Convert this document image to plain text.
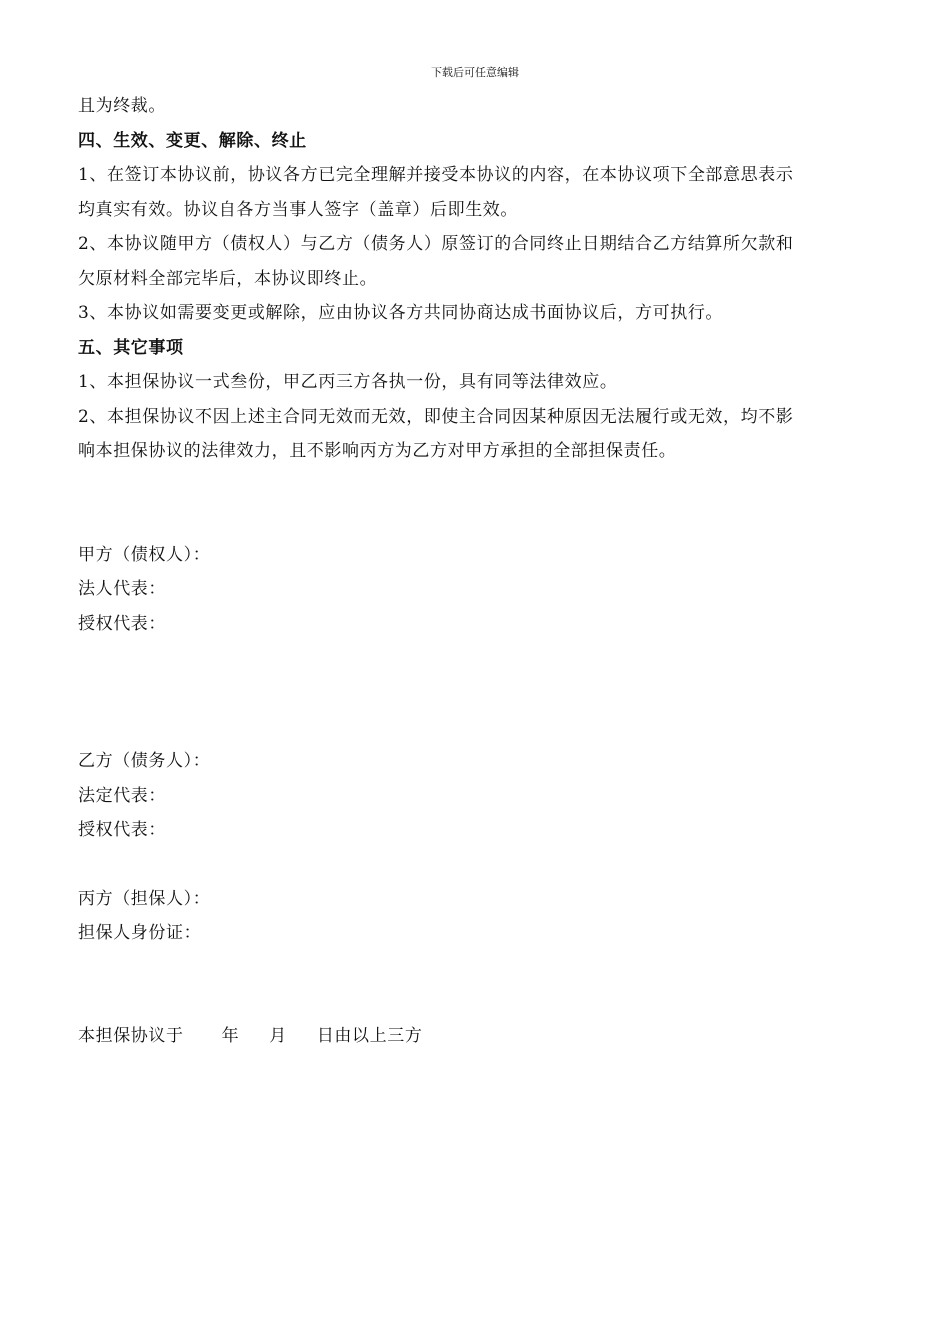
下载后可任意编辑
且为终裁。
四、生效、变更、解除、终止
1、在签订本协议前，协议各方已完全理解并接受本协议的内容，在本协议项下全部意思表示
均真实有效。协议自各方当事人签字（盖章）后即生效。
2、本协议随甲方（债权人）与乙方（债务人）原签订的合同终止日期结合乙方结算所欠款和
欠原材料全部完毕后，本协议即终止。
3、本协议如需要变更或解除，应由协议各方共同协商达成书面协议后，方可执行。
五、其它事项
1、本担保协议一式叁份，甲乙丙三方各执一份，具有同等法律效应。
2、本担保协议不因上述主合同无效而无效，即使主合同因某种原因无法履行或无效，均不影
响本担保协议的法律效力，且不影响丙方为乙方对甲方承担的全部担保责任。
甲方（债权人）：
法人代表：
授权代表：
乙方（债务人）：
法定代表：
授权代表：
丙方（担保人）：
担保人身份证：
本担保协议于 年 月 日由以上三方
